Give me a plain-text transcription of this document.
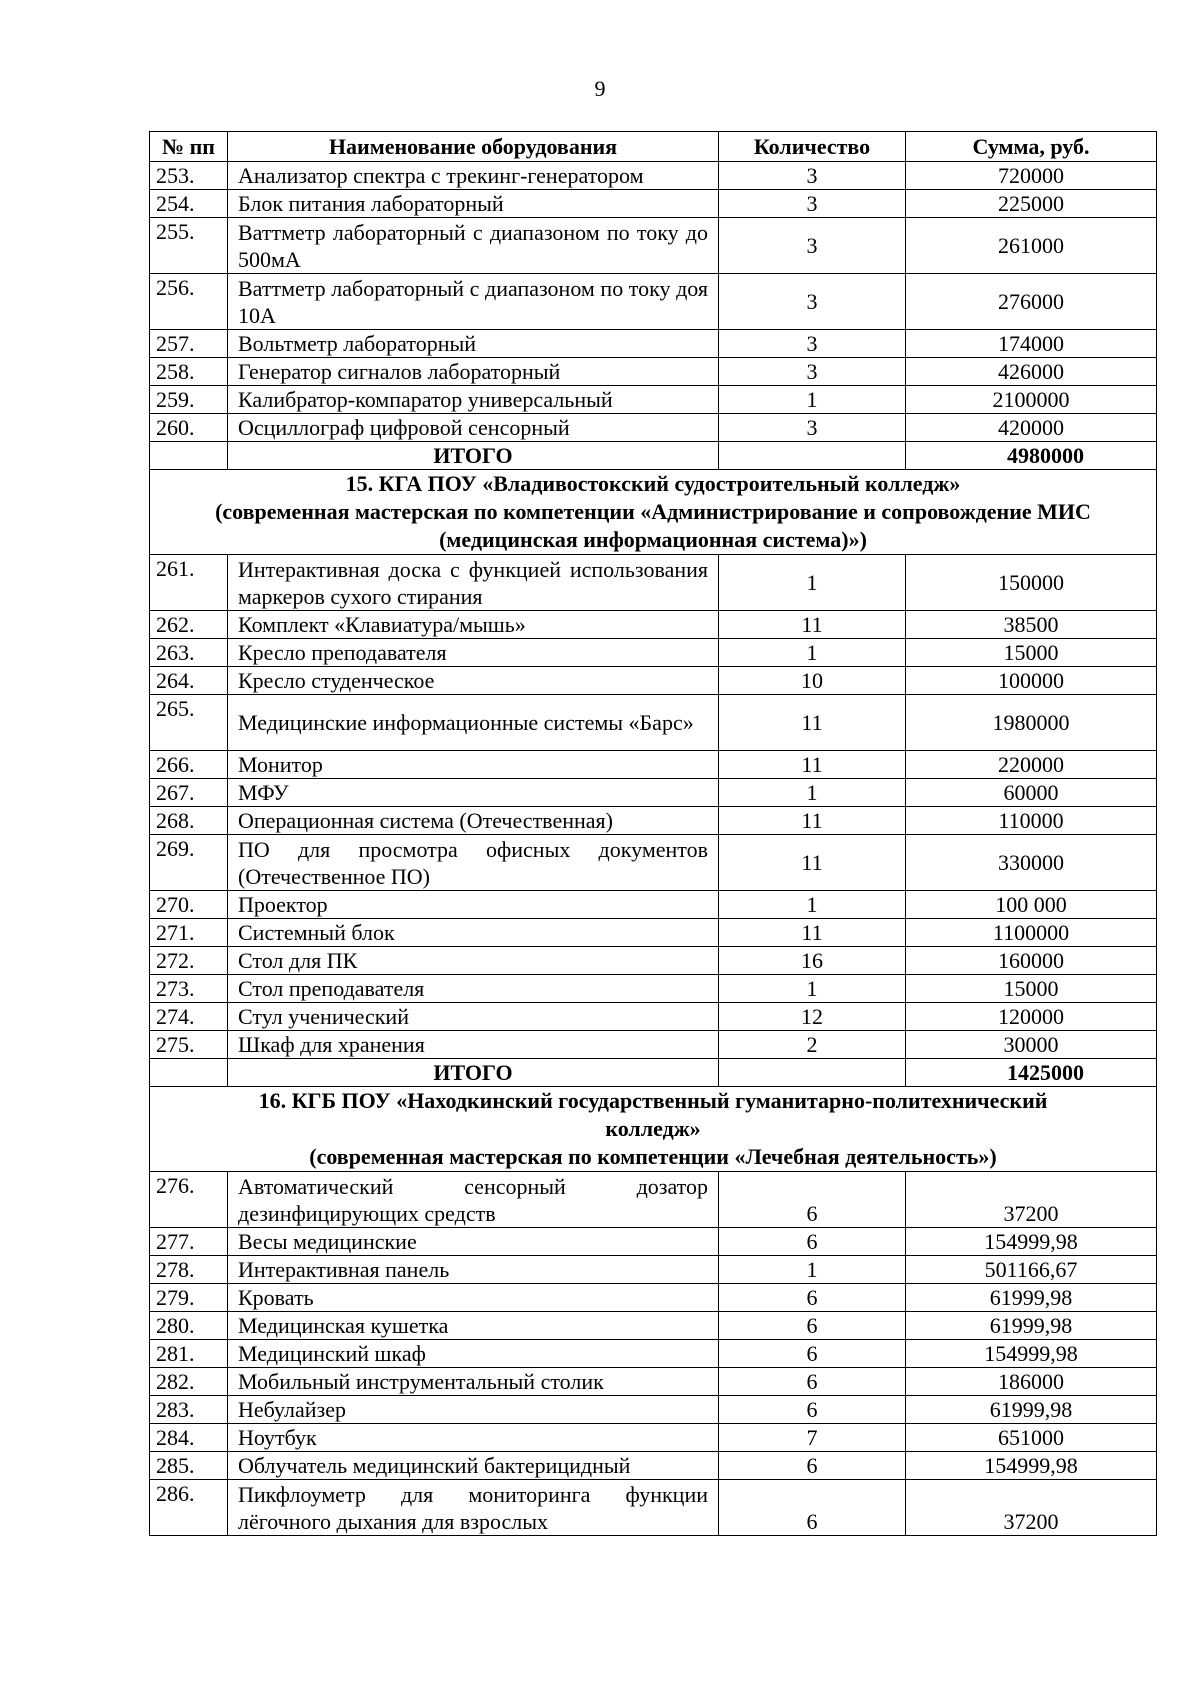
9
№ пп	Наименование оборудования	Количество	Сумма, руб.
253.	Анализатор спектра с трекинг-генератором	3	720000
254.	Блок питания лабораторный	3	225000
255.	Ваттметр лабораторный с диапазоном по току до 500мА	3	261000
256.	Ваттметр лабораторный с диапазоном по току доя 10А	3	276000
257.	Вольтметр лабораторный	3	174000
258.	Генератор сигналов лабораторный	3	426000
259.	Калибратор-компаратор универсальный	1	2100000
260.	Осциллограф цифровой сенсорный	3	420000
	ИТОГО		4980000

15. КГА ПОУ «Владивостокский судостроительный колледж»
(современная мастерская по компетенции «Администрирование и сопровождение МИС
(медицинская информационная система)»)			

261.	Интерактивная доска с функцией использования маркеров сухого стирания	1	150000
262.	Комплект «Клавиатура/мышь»	11	38500
263.	Кресло преподавателя	1	15000
264.	Кресло студенческое	10	100000
265.	Медицинские информационные системы «Барс»	11	1980000
266.	Монитор	11	220000
267.	МФУ	1	60000
268.	Операционная система (Отечественная)	11	110000
269.	ПО для просмотра офисных документов (Отечественное ПО)	11	330000
270.	Проектор	1	100 000
271.	Системный блок	11	1100000
272.	Стол для ПК	16	160000
273.	Стол преподавателя	1	15000
274.	Стул ученический	12	120000
275.	Шкаф для хранения	2	30000
	ИТОГО		1425000

16. КГБ ПОУ «Находкинский государственный гуманитарно-политехнический
колледж»
(современная мастерская по компетенции «Лечебная деятельность»)			

276.	Автоматический сенсорный дозатор дезинфицирующих средств	6	37200
277.	Весы медицинские	6	154999,98
278.	Интерактивная панель	1	501166,67
279.	Кровать	6	61999,98
280.	Медицинская кушетка	6	61999,98
281.	Медицинский шкаф	6	154999,98
282.	Мобильный инструментальный столик	6	186000
283.	Небулайзер	6	61999,98
284.	Ноутбук	7	651000
285.	Облучатель медицинский бактерицидный	6	154999,98
286.	Пикфлоуметр для мониторинга функции лёгочного дыхания для взрослых	6	37200
